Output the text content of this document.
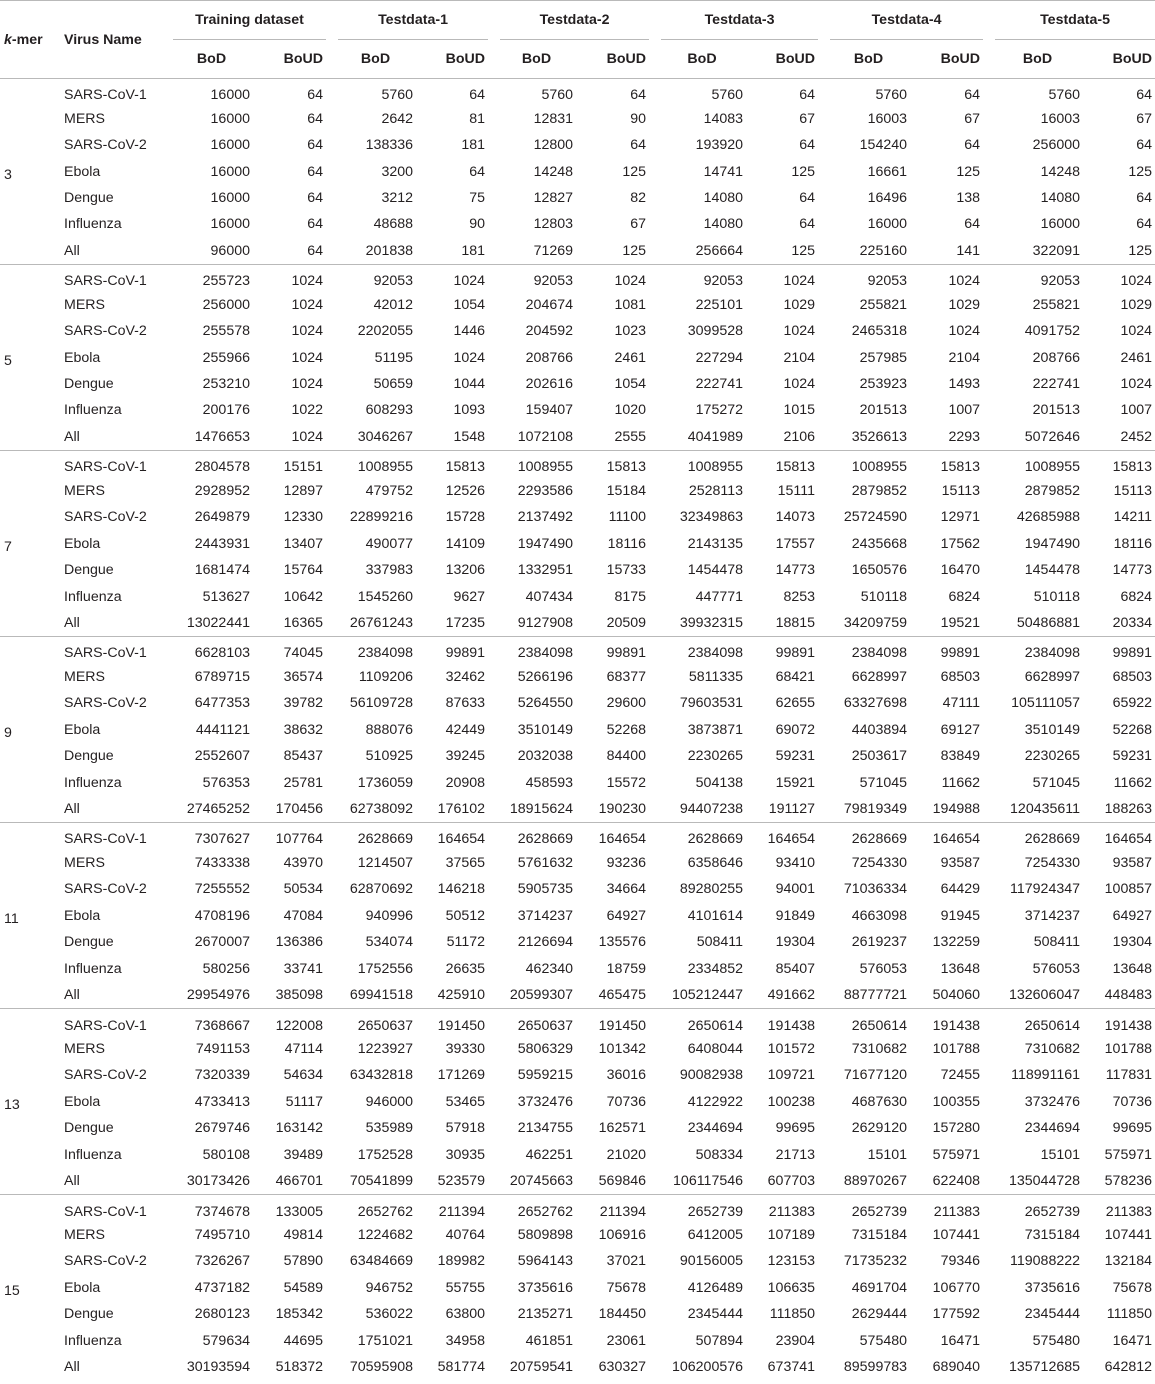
k-mer	Virus Name	Training dataset			Testdata-1			Testdata-2			Testdata-3			Testdata-4			Testdata-5	
		BoD	BoUD		BoD	BoUD		BoD	BoUD		BoD	BoUD		BoD	BoUD		BoD	BoUD
3	SARS-CoV-1	16000	64		5760	64		5760	64		5760	64		5760	64		5760	64
	MERS	16000	64		2642	81		12831	90		14083	67		16003	67		16003	67
	SARS-CoV-2	16000	64		138336	181		12800	64		193920	64		154240	64		256000	64
	Ebola	16000	64		3200	64		14248	125		14741	125		16661	125		14248	125
	Dengue	16000	64		3212	75		12827	82		14080	64		16496	138		14080	64
	Influenza	16000	64		48688	90		12803	67		14080	64		16000	64		16000	64
	All	96000	64		201838	181		71269	125		256664	125		225160	141		322091	125
5	SARS-CoV-1	255723	1024		92053	1024		92053	1024		92053	1024		92053	1024		92053	1024
	MERS	256000	1024		42012	1054		204674	1081		225101	1029		255821	1029		255821	1029
	SARS-CoV-2	255578	1024		2202055	1446		204592	1023		3099528	1024		2465318	1024		4091752	1024
	Ebola	255966	1024		51195	1024		208766	2461		227294	2104		257985	2104		208766	2461
	Dengue	253210	1024		50659	1044		202616	1054		222741	1024		253923	1493		222741	1024
	Influenza	200176	1022		608293	1093		159407	1020		175272	1015		201513	1007		201513	1007
	All	1476653	1024		3046267	1548		1072108	2555		4041989	2106		3526613	2293		5072646	2452
7	SARS-CoV-1	2804578	15151		1008955	15813		1008955	15813		1008955	15813		1008955	15813		1008955	15813
	MERS	2928952	12897		479752	12526		2293586	15184		2528113	15111		2879852	15113		2879852	15113
	SARS-CoV-2	2649879	12330		22899216	15728		2137492	11100		32349863	14073		25724590	12971		42685988	14211
	Ebola	2443931	13407		490077	14109		1947490	18116		2143135	17557		2435668	17562		1947490	18116
	Dengue	1681474	15764		337983	13206		1332951	15733		1454478	14773		1650576	16470		1454478	14773
	Influenza	513627	10642		1545260	9627		407434	8175		447771	8253		510118	6824		510118	6824
	All	13022441	16365		26761243	17235		9127908	20509		39932315	18815		34209759	19521		50486881	20334
9	SARS-CoV-1	6628103	74045		2384098	99891		2384098	99891		2384098	99891		2384098	99891		2384098	99891
	MERS	6789715	36574		1109206	32462		5266196	68377		5811335	68421		6628997	68503		6628997	68503
	SARS-CoV-2	6477353	39782		56109728	87633		5264550	29600		79603531	62655		63327698	47111		105111057	65922
	Ebola	4441121	38632		888076	42449		3510149	52268		3873871	69072		4403894	69127		3510149	52268
	Dengue	2552607	85437		510925	39245		2032038	84400		2230265	59231		2503617	83849		2230265	59231
	Influenza	576353	25781		1736059	20908		458593	15572		504138	15921		571045	11662		571045	11662
	All	27465252	170456		62738092	176102		18915624	190230		94407238	191127		79819349	194988		120435611	188263
11	SARS-CoV-1	7307627	107764		2628669	164654		2628669	164654		2628669	164654		2628669	164654		2628669	164654
	MERS	7433338	43970		1214507	37565		5761632	93236		6358646	93410		7254330	93587		7254330	93587
	SARS-CoV-2	7255552	50534		62870692	146218		5905735	34664		89280255	94001		71036334	64429		117924347	100857
	Ebola	4708196	47084		940996	50512		3714237	64927		4101614	91849		4663098	91945		3714237	64927
	Dengue	2670007	136386		534074	51172		2126694	135576		508411	19304		2619237	132259		508411	19304
	Influenza	580256	33741		1752556	26635		462340	18759		2334852	85407		576053	13648		576053	13648
	All	29954976	385098		69941518	425910		20599307	465475		105212447	491662		88777721	504060		132606047	448483
13	SARS-CoV-1	7368667	122008		2650637	191450		2650637	191450		2650614	191438		2650614	191438		2650614	191438
	MERS	7491153	47114		1223927	39330		5806329	101342		6408044	101572		7310682	101788		7310682	101788
	SARS-CoV-2	7320339	54634		63432818	171269		5959215	36016		90082938	109721		71677120	72455		118991161	117831
	Ebola	4733413	51117		946000	53465		3732476	70736		4122922	100238		4687630	100355		3732476	70736
	Dengue	2679746	163142		535989	57918		2134755	162571		2344694	99695		2629120	157280		2344694	99695
	Influenza	580108	39489		1752528	30935		462251	21020		508334	21713		15101	575971		15101	575971
	All	30173426	466701		70541899	523579		20745663	569846		106117546	607703		88970267	622408		135044728	578236
15	SARS-CoV-1	7374678	133005		2652762	211394		2652762	211394		2652739	211383		2652739	211383		2652739	211383
	MERS	7495710	49814		1224682	40764		5809898	106916		6412005	107189		7315184	107441		7315184	107441
	SARS-CoV-2	7326267	57890		63484669	189982		5964143	37021		90156005	123153		71735232	79346		119088222	132184
	Ebola	4737182	54589		946752	55755		3735616	75678		4126489	106635		4691704	106770		3735616	75678
	Dengue	2680123	185342		536022	63800		2135271	184450		2345444	111850		2629444	177592		2345444	111850
	Influenza	579634	44695		1751021	34958		461851	23061		507894	23904		575480	16471		575480	16471
	All	30193594	518372		70595908	581774		20759541	630327		106200576	673741		89599783	689040		135712685	642812
